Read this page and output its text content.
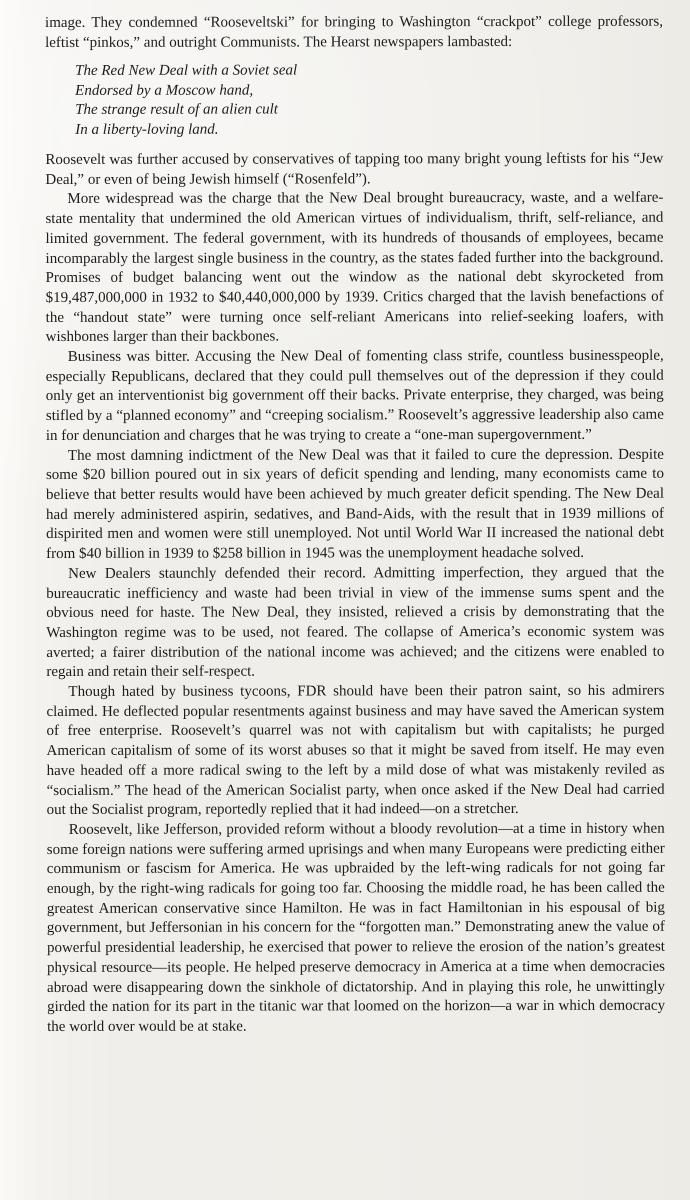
image. They condemned “Rooseveltski” for bringing to Washington “crackpot” college professors, leftist “pinkos,” and outright Communists. The Hearst newspapers lambasted:

The Red New Deal with a Soviet seal
Endorsed by a Moscow hand,
The strange result of an alien cult
In a liberty-loving land.

Roosevelt was further accused by conservatives of tapping too many bright young leftists for his “Jew Deal,” or even of being Jewish himself (“Rosenfeld”).

More widespread was the charge that the New Deal brought bureaucracy, waste, and a welfare-state mentality that undermined the old American virtues of individualism, thrift, self-reliance, and limited government. The federal government, with its hundreds of thousands of employees, became incomparably the largest single business in the country, as the states faded further into the background. Promises of budget balancing went out the window as the national debt skyrocketed from $19,487,000,000 in 1932 to $40,440,000,000 by 1939. Critics charged that the lavish benefactions of the “handout state” were turning once self-reliant Americans into relief-seeking loafers, with wishbones larger than their backbones.

Business was bitter. Accusing the New Deal of fomenting class strife, countless businesspeople, especially Republicans, declared that they could pull themselves out of the depression if they could only get an interventionist big government off their backs. Private enterprise, they charged, was being stifled by a “planned economy” and “creeping socialism.” Roosevelt’s aggressive leadership also came in for denunciation and charges that he was trying to create a “one-man supergovernment.”

The most damning indictment of the New Deal was that it failed to cure the depression. Despite some $20 billion poured out in six years of deficit spending and lending, many economists came to believe that better results would have been achieved by much greater deficit spending. The New Deal had merely administered aspirin, sedatives, and Band-Aids, with the result that in 1939 millions of dispirited men and women were still unemployed. Not until World War II increased the national debt from $40 billion in 1939 to $258 billion in 1945 was the unemployment headache solved.

New Dealers staunchly defended their record. Admitting imperfection, they argued that the bureaucratic inefficiency and waste had been trivial in view of the immense sums spent and the obvious need for haste. The New Deal, they insisted, relieved a crisis by demonstrating that the Washington regime was to be used, not feared. The collapse of America’s economic system was averted; a fairer distribution of the national income was achieved; and the citizens were enabled to regain and retain their self-respect.

Though hated by business tycoons, FDR should have been their patron saint, so his admirers claimed. He deflected popular resentments against business and may have saved the American system of free enterprise. Roosevelt’s quarrel was not with capitalism but with capitalists; he purged American capitalism of some of its worst abuses so that it might be saved from itself. He may even have headed off a more radical swing to the left by a mild dose of what was mistakenly reviled as “socialism.” The head of the American Socialist party, when once asked if the New Deal had carried out the Socialist program, reportedly replied that it had indeed—on a stretcher.

Roosevelt, like Jefferson, provided reform without a bloody revolution—at a time in history when some foreign nations were suffering armed uprisings and when many Europeans were predicting either communism or fascism for America. He was upbraided by the left-wing radicals for not going far enough, by the right-wing radicals for going too far. Choosing the middle road, he has been called the greatest American conservative since Hamilton. He was in fact Hamiltonian in his espousal of big government, but Jeffersonian in his concern for the “forgotten man.” Demonstrating anew the value of powerful presidential leadership, he exercised that power to relieve the erosion of the nation’s greatest physical resource—its people. He helped preserve democracy in America at a time when democracies abroad were disappearing down the sinkhole of dictatorship. And in playing this role, he unwittingly girded the nation for its part in the titanic war that loomed on the horizon—a war in which democracy the world over would be at stake.
